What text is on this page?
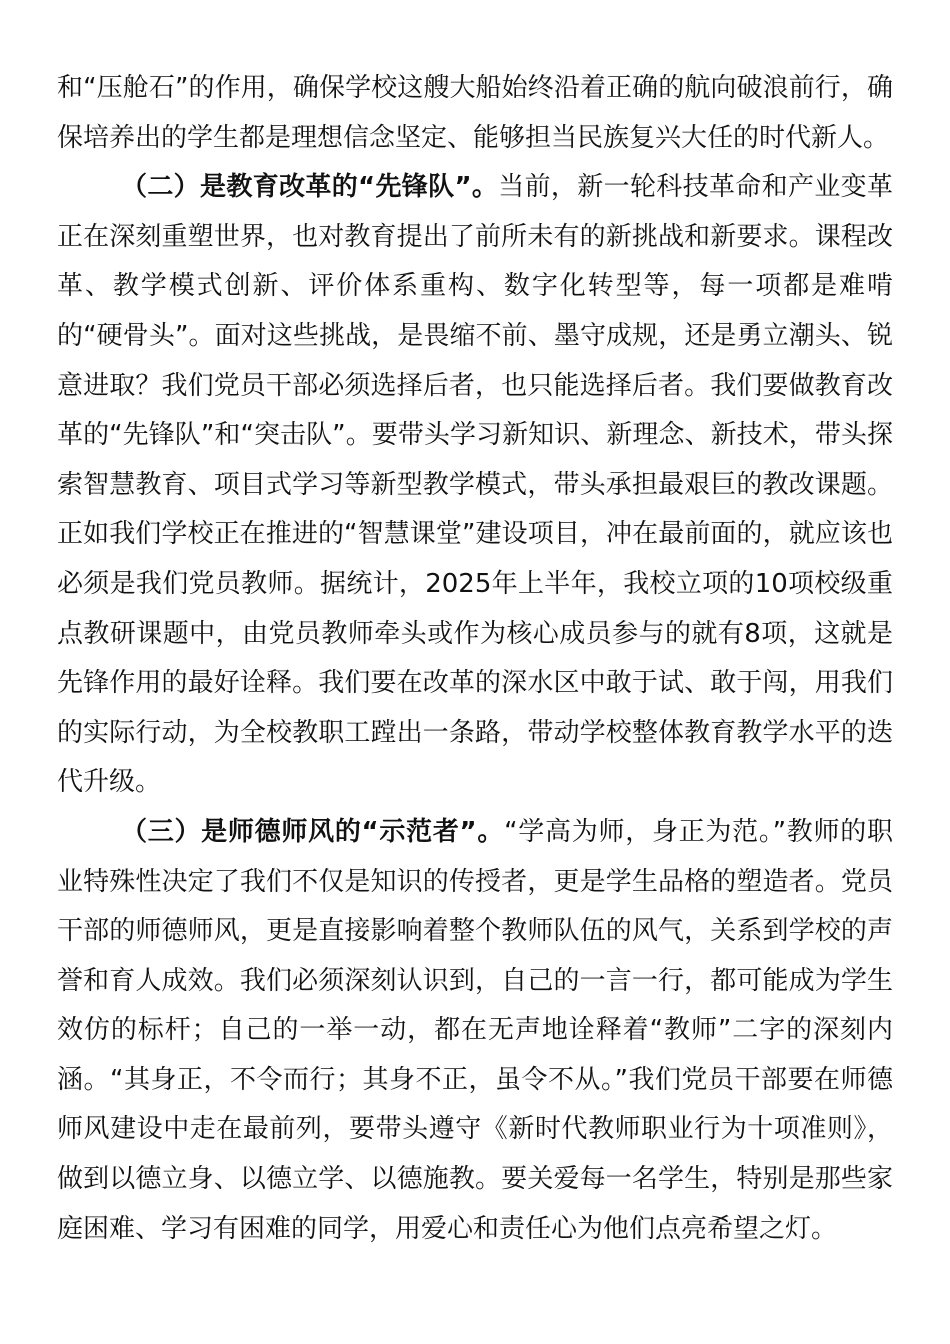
和“压舱石”的作用，确保学校这艘大船始终沿着正确的航向破浪前行，确保培养出的学生都是理想信念坚定、能够担当民族复兴大任的时代新人。

（二）是教育改革的“先锋队”。当前，新一轮科技革命和产业变革正在深刻重塑世界，也对教育提出了前所未有的新挑战和新要求。课程改革、教学模式创新、评价体系重构、数字化转型等，每一项都是难啃的“硬骨头”。面对这些挑战，是畏缩不前、墨守成规，还是勇立潮头、锐意进取？我们党员干部必须选择后者，也只能选择后者。我们要做教育改革的“先锋队”和“突击队”。要带头学习新知识、新理念、新技术，带头探索智慧教育、项目式学习等新型教学模式，带头承担最艰巨的教改课题。正如我们学校正在推进的“智慧课堂”建设项目，冲在最前面的，就应该也必须是我们党员教师。据统计，2025年上半年，我校立项的10项校级重点教研课题中，由党员教师牵头或作为核心成员参与的就有8项，这就是先锋作用的最好诠释。我们要在改革的深水区中敢于试、敢于闯，用我们的实际行动，为全校教职工蹚出一条路，带动学校整体教育教学水平的迭代升级。

（三）是师德师风的“示范者”。“学高为师，身正为范。”教师的职业特殊性决定了我们不仅是知识的传授者，更是学生品格的塑造者。党员干部的师德师风，更是直接影响着整个教师队伍的风气，关系到学校的声誉和育人成效。我们必须深刻认识到，自己的一言一行，都可能成为学生效仿的标杆；自己的一举一动，都在无声地诠释着“教师”二字的深刻内涵。“其身正，不令而行；其身不正，虽令不从。”我们党员干部要在师德师风建设中走在最前列，要带头遵守《新时代教师职业行为十项准则》，做到以德立身、以德立学、以德施教。要关爱每一名学生，特别是那些家庭困难、学习有困难的同学，用爱心和责任心为他们点亮希望之灯。
